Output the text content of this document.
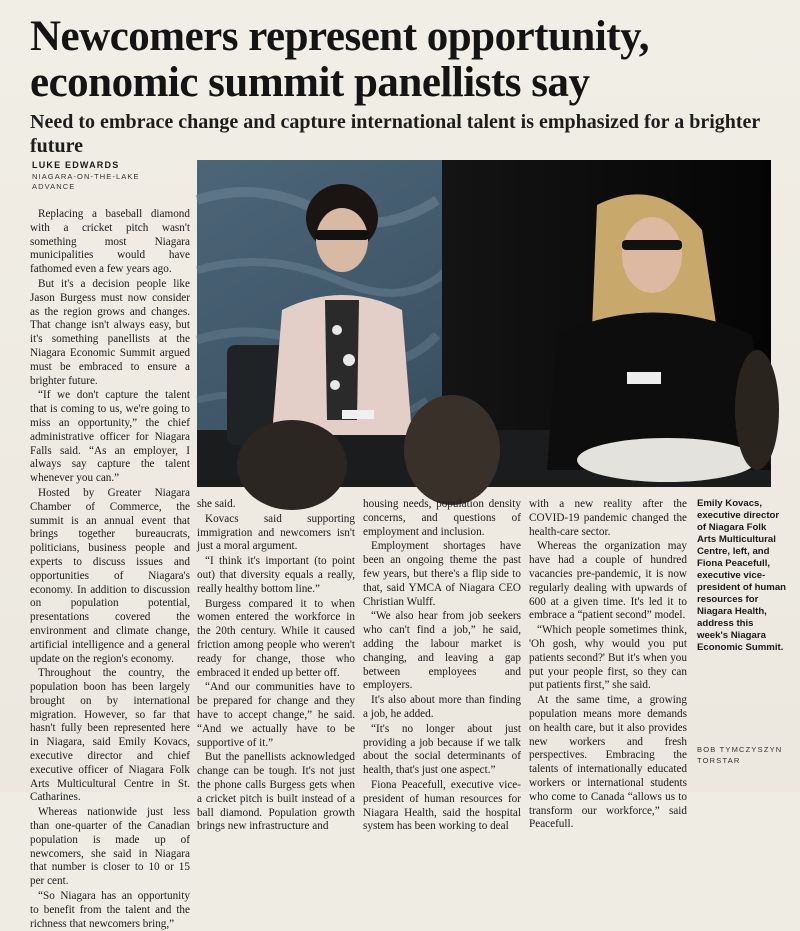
Newcomers represent opportunity, economic summit panellists say
Need to embrace change and capture international talent is emphasized for a brighter future
LUKE EDWARDS
NIAGARA-ON-THE-LAKE ADVANCE

Replacing a baseball diamond with a cricket pitch wasn't something most Niagara municipalities would have fathomed even a few years ago.

But it's a decision people like Jason Burgess must now consider as the region grows and changes. That change isn't always easy, but it's something panellists at the Niagara Economic Summit argued must be embraced to ensure a brighter future.

“If we don't capture the talent that is coming to us, we're going to miss an opportunity,” the chief administrative officer for Niagara Falls said. “As an employer, I always say capture the talent whenever you can.”

Hosted by Greater Niagara Chamber of Commerce, the summit is an annual event that brings together bureaucrats, politicians, business people and experts to discuss issues and opportunities of Niagara's economy. In addition to discussion on population potential, presentations covered the environment and climate change, artificial intelligence and a general update on the region's economy.

Throughout the country, the population boon has been largely brought on by international migration. However, so far that hasn't fully been represented here in Niagara, said Emily Kovacs, executive director and chief executive officer of Niagara Folk Arts Multicultural Centre in St. Catharines.

Whereas nationwide just less than one-quarter of the Canadian population is made up of newcomers, she said in Niagara that number is closer to 10 or 15 per cent.

“So Niagara has an opportunity to benefit from the talent and the richness that newcomers bring,”

she said.

Kovacs said supporting immigration and newcomers isn't just a moral argument.

“I think it's important (to point out) that diversity equals a really, really healthy bottom line.”

Burgess compared it to when women entered the workforce in the 20th century. While it caused friction among people who weren't ready for change, those who embraced it ended up better off.

“And our communities have to be prepared for change and they have to accept change,” he said. “And we actually have to be supportive of it.”

But the panellists acknowledged change can be tough. It's not just the phone calls Burgess gets when a cricket pitch is built instead of a ball diamond. Population growth brings new infrastructure and

housing needs, population density concerns, and questions of employment and inclusion.

Employment shortages have been an ongoing theme the past few years, but there's a flip side to that, said YMCA of Niagara CEO Christian Wulff.

“We also hear from job seekers who can't find a job,” he said, adding the labour market is changing, and leaving a gap between employees and employers.

It's also about more than finding a job, he added.

“It's no longer about just providing a job because if we talk about the social determinants of health, that's just one aspect.”

Fiona Peacefull, executive vice-president of human resources for Niagara Health, said the hospital system has been working to deal

with a new reality after the COVID-19 pandemic changed the health-care sector.

Whereas the organization may have had a couple of hundred vacancies pre-pandemic, it is now regularly dealing with upwards of 600 at a given time. It's led it to embrace a “patient second” model.

“Which people sometimes think, 'Oh gosh, why would you put patients second?' But it's when you put your people first, so they can put patients first,” she said.

At the same time, a growing population means more demands on health care, but it also provides new workers and fresh perspectives. Embracing the talents of internationally educated workers or international students who come to Canada “allows us to transform our workforce,” said Peacefull.

Emily Kovacs, executive director of Niagara Folk Arts Multicultural Centre, left, and Fiona Peacefull, executive vice-president of human resources for Niagara Health, address this week's Niagara Economic Summit.
BOB TYMCZYSZYN
TORSTAR
